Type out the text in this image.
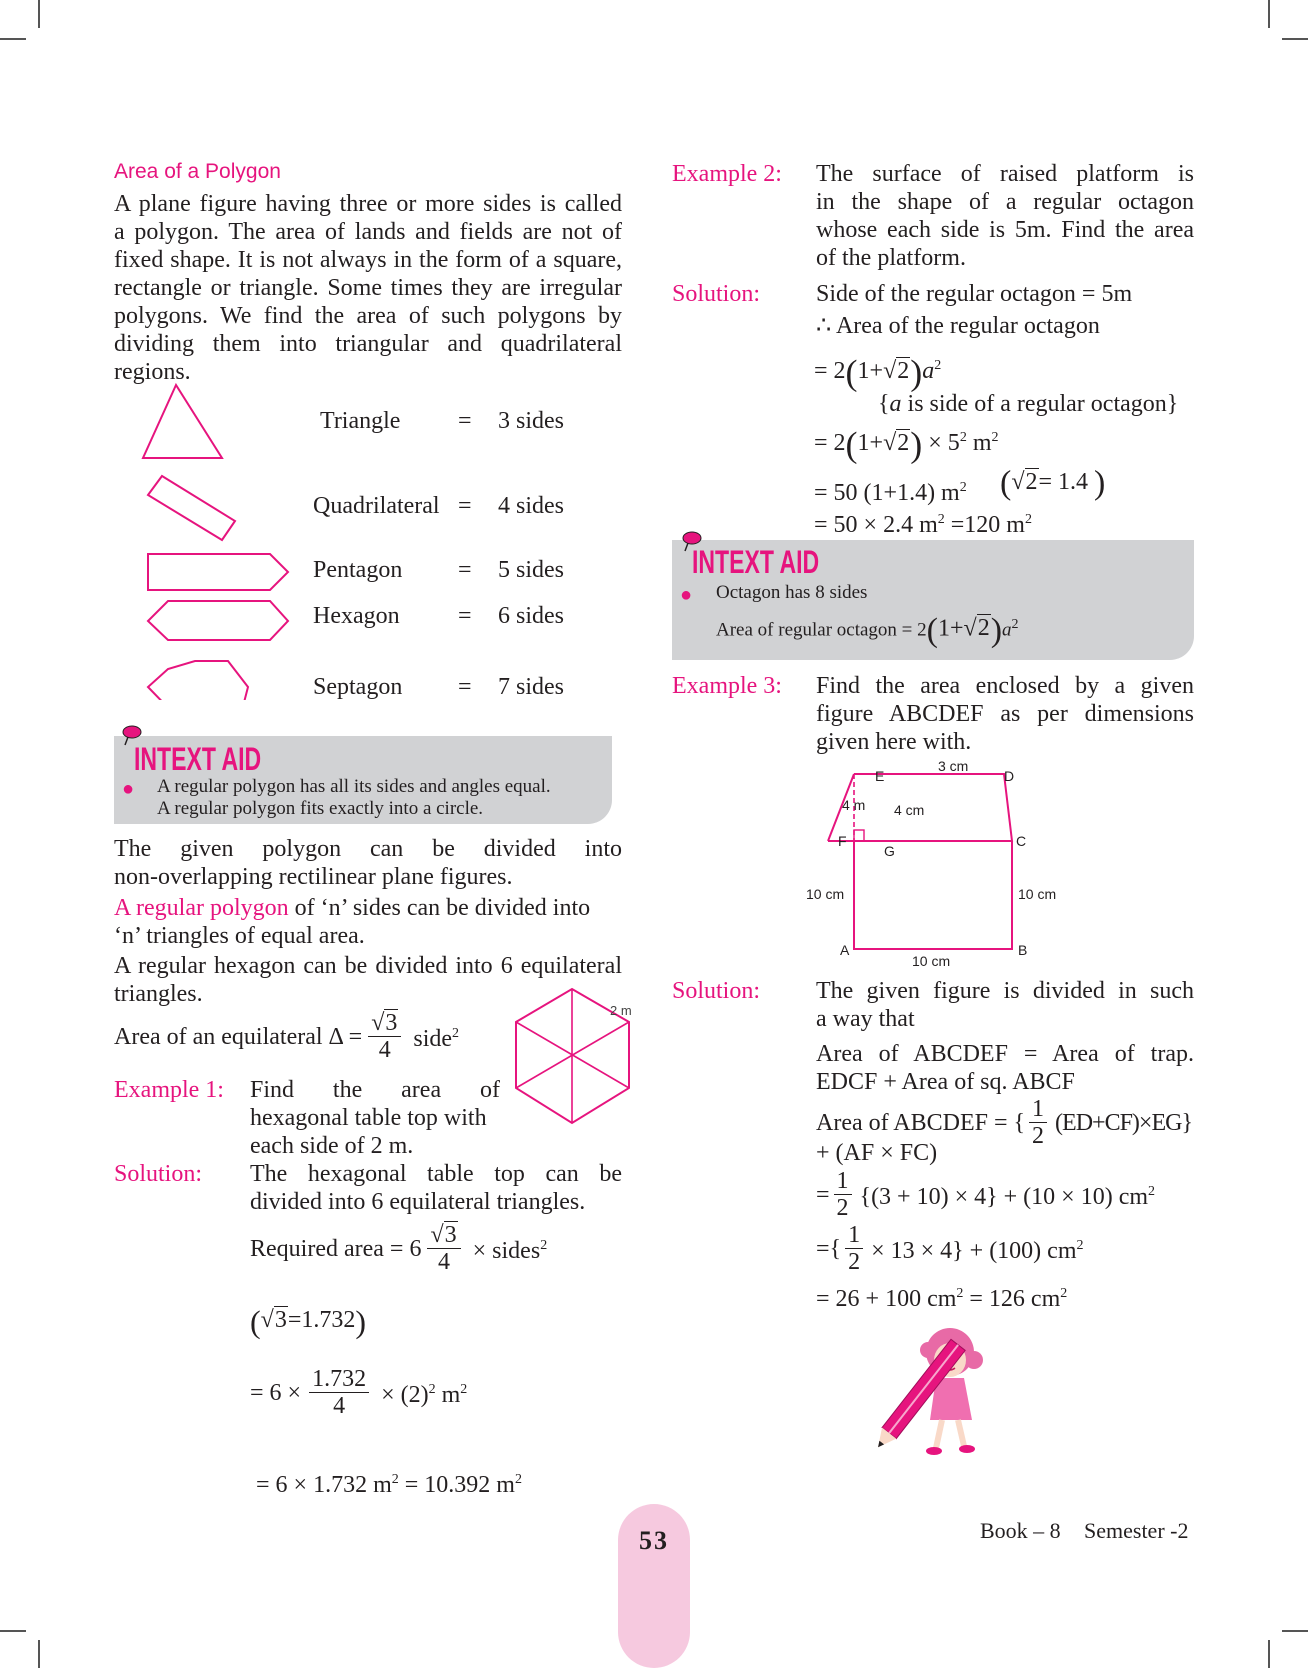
Area of a Polygon
A plane figure having three or more sides is called
a polygon. The area of lands and fields are not of
fixed shape. It is not always in the form of a square,
rectangle or triangle. Some times they are irregular
polygons. We find the area of such polygons by
dividing them into triangular and quadrilateral
regions.
Triangle = 3 sides
Quadrilateral = 4 sides
Pentagon = 5 sides
Hexagon = 6 sides
Septagon = 7 sides
INTEXT AID
● A regular polygon has all its sides and angles equal.
A regular polygon fits exactly into a circle.
The given polygon can be divided into
non-overlapping rectilinear plane figures.
A regular polygon of ‘n’ sides can be divided into
‘n’ triangles of equal area.
A regular hexagon can be divided into 6 equilateral
triangles.
Area of an equilateral $\Delta = \frac{√3}{4}$ side$^2$
2 m
Example 1: Find the area of
hexagonal table top with
each side of 2 m.
Solution: The hexagonal table top can be
divided into 6 equilateral triangles.
Required area = $6 \frac{√3}{4}$ × sides$^2$
(√3=1.732)
= $6 \times \frac{1.732}{4} \times (2)^2$ $m^2$
= 6 × 1.732 $m^2 = 10.392$ $m^2$
Example 2: The surface of raised platform is
in the shape of a regular octagon
whose each side is 5m. Find the area
of the platform.
Solution: Side of the regular octagon = 5m
∴ Area of the regular octagon
= $2(1+√2)a^2$
{a is side of a regular octagon}
= $2(1+√2) \times 5^2$ $m^2$
= 50 (1+1.4) $m^2$ (√2= 1.4 )
= 50 × 2.4 $m^2 =120$ $m^2$
INTEXT AID
● Octagon has 8 sides
Area of regular octagon = $2(1+√2)a^2$
Example 3: Find the area enclosed by a given
figure ABCDEF as per dimensions
given here with.
E
3 cm
D
4 m 4 cm
F
G
C
10 cm	10 cm
A	B
10 cm
Solution: The given figure is divided in such
a way that
Area of ABCDEF = Area of trap.
EDCF + Area of sq. ABCF
Area of ABCDEF = { $\frac{1}{2} (ED+CF)\times EG$}
+ (AF × FC)
= $\frac{1}{2} \{(3 + 10) \times 4\} + (10 \times 10)$ $cm^2$
={ $\frac{1}{2} \times 13 \times 4\} + (100)$ $cm^2$
= 26 + 100 $cm^2 = 126$ $cm^2$
53	Book – 8 Semester -2
